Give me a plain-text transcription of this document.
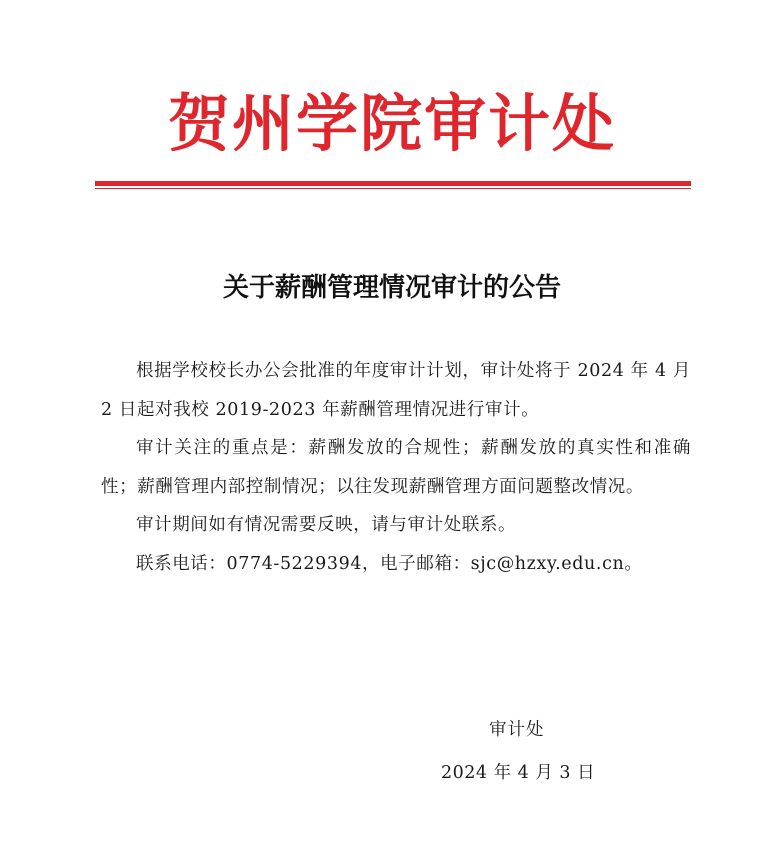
贺州学院审计处
关于薪酬管理情况审计的公告

根据学校校长办公会批准的年度审计计划，审计处将于 2024 年 4 月 2 日起对我校 2019-2023 年薪酬管理情况进行审计。

审计关注的重点是：薪酬发放的合规性；薪酬发放的真实性和准确性；薪酬管理内部控制情况；以往发现薪酬管理方面问题整改情况。

审计期间如有情况需要反映，请与审计处联系。

联系电话：0774-5229394，电子邮箱：sjc@hzxy.edu.cn。

审计处
2024 年 4 月 3 日
